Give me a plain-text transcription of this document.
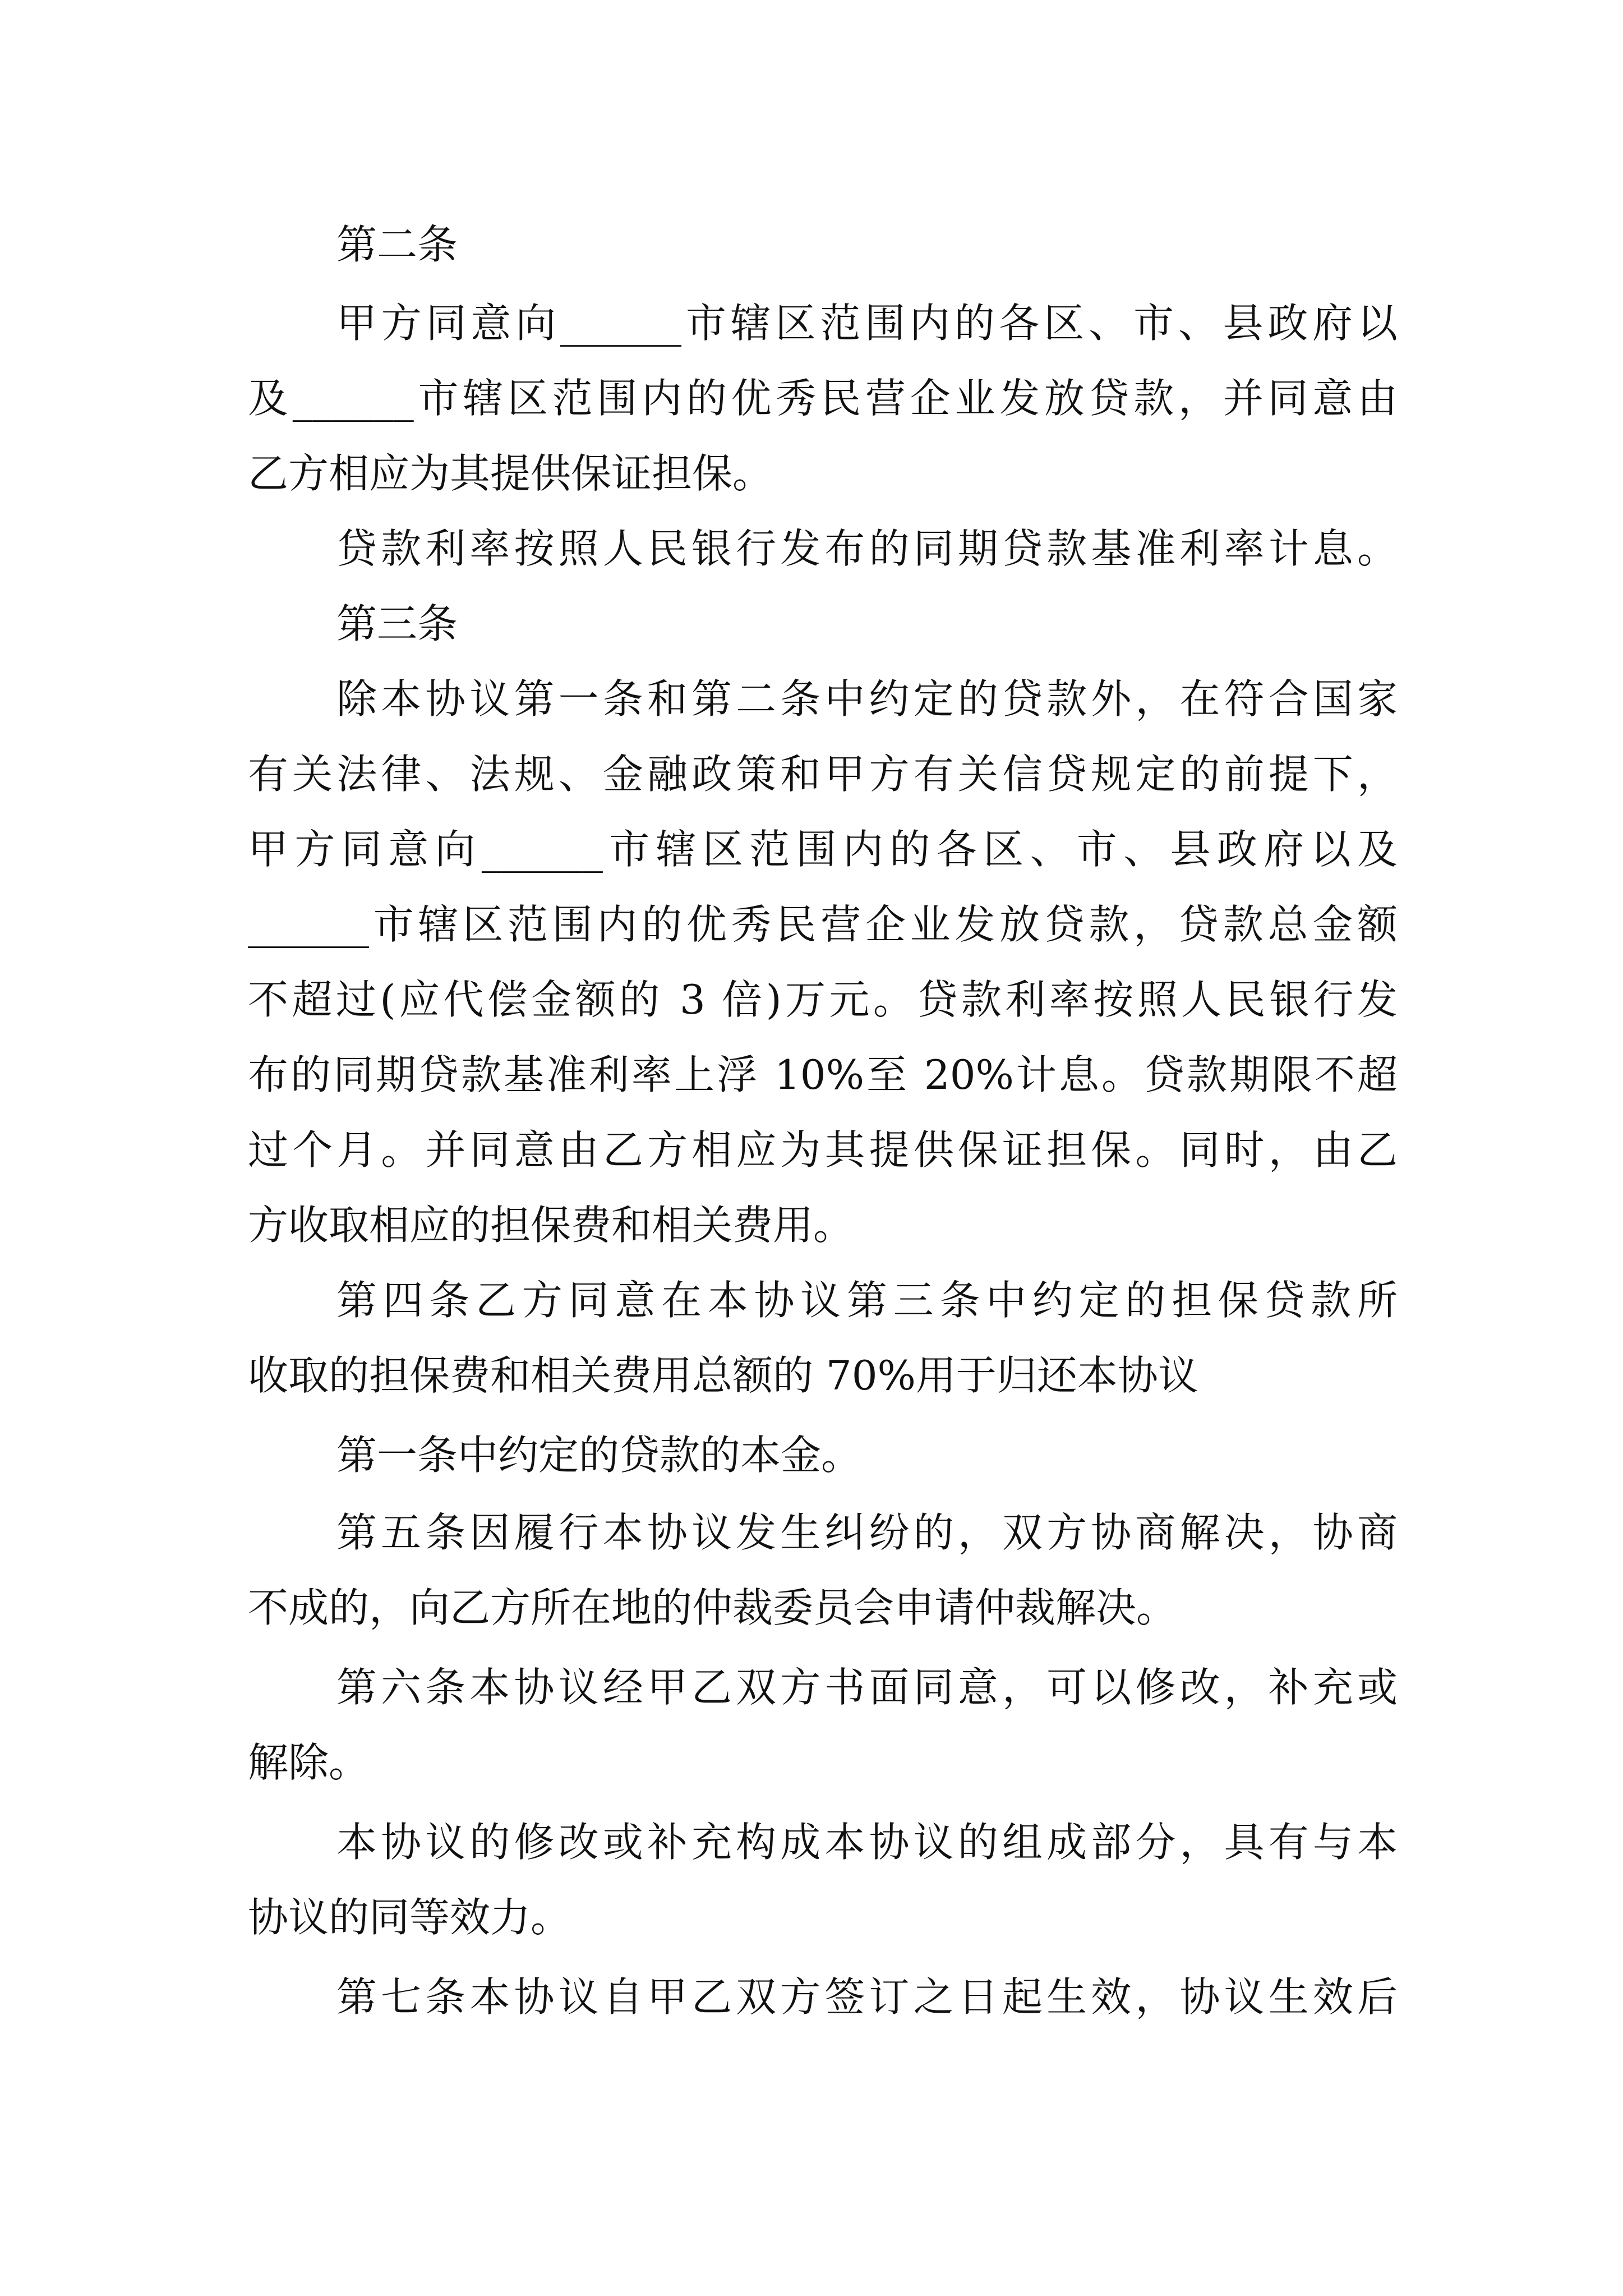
第二条
甲方同意向______市辖区范围内的各区、市、县政府以
及______市辖区范围内的优秀民营企业发放贷款，并同意由
乙方相应为其提供保证担保。
贷款利率按照人民银行发布的同期贷款基准利率计息。
第三条
除本协议第一条和第二条中约定的贷款外，在符合国家
有关法律、法规、金融政策和甲方有关信贷规定的前提下，
甲方同意向______市辖区范围内的各区、市、县政府以及
______市辖区范围内的优秀民营企业发放贷款，贷款总金额
不超过(应代偿金额的 3 倍)万元。贷款利率按照人民银行发
布的同期贷款基准利率上浮 10%至 20%计息。贷款期限不超
过个月。并同意由乙方相应为其提供保证担保。同时，由乙
方收取相应的担保费和相关费用。
第四条乙方同意在本协议第三条中约定的担保贷款所
收取的担保费和相关费用总额的 70%用于归还本协议
第一条中约定的贷款的本金。
第五条因履行本协议发生纠纷的，双方协商解决，协商
不成的，向乙方所在地的仲裁委员会申请仲裁解决。
第六条本协议经甲乙双方书面同意，可以修改，补充或
解除。
本协议的修改或补充构成本协议的组成部分，具有与本
协议的同等效力。
第七条本协议自甲乙双方签订之日起生效，协议生效后
